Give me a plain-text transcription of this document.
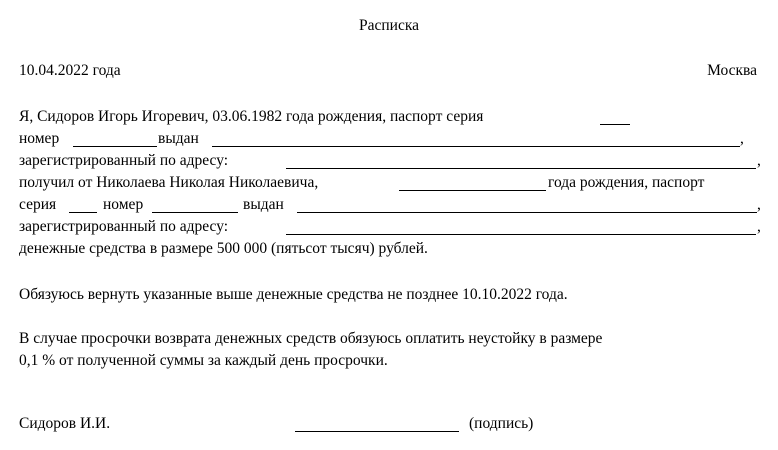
Расписка
10.04.2022 года	Москва
Я, Сидоров Игорь Игоревич, 03.06.1982 года рождения, паспорт серия
номер	выдан	,
зарегистрированный по адресу:	,
получил от Николаева Николая Николаевича,	года рождения, паспорт
серия	номер	выдан	,
зарегистрированный по адресу:	,
денежные средства в размере 500 000 (пятьсот тысяч) рублей.
Обязуюсь вернуть указанные выше денежные средства не позднее 10.10.2022 года.
В случае просрочки возврата денежных средств обязуюсь оплатить неустойку в размере
0,1 % от полученной суммы за каждый день просрочки.
Сидоров И.И.	(подпись)
